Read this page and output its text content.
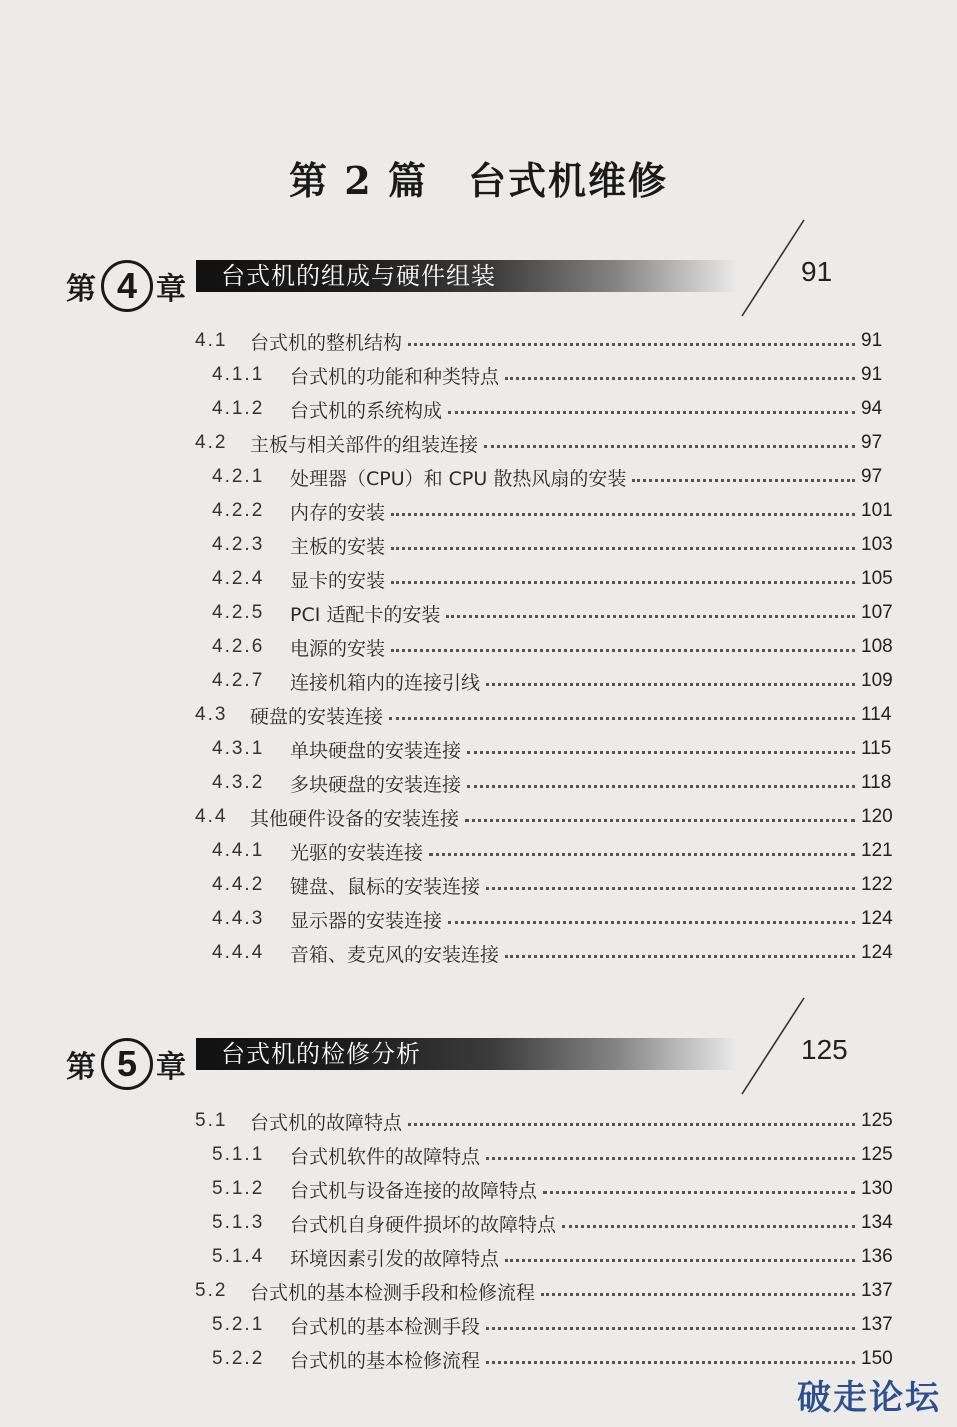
第 2 篇　台式机维修
第 4 章 台式机的组成与硬件组装	91
4.1 台式机的整机结构	91
4.1.1 台式机的功能和种类特点	91
4.1.2 台式机的系统构成	94
4.2 主板与相关部件的组装连接	97
4.2.1 处理器（CPU）和 CPU 散热风扇的安装	97
4.2.2 内存的安装	101
4.2.3 主板的安装	103
4.2.4 显卡的安装	105
4.2.5 PCI 适配卡的安装	107
4.2.6 电源的安装	108
4.2.7 连接机箱内的连接引线	109
4.3 硬盘的安装连接	114
4.3.1 单块硬盘的安装连接	115
4.3.2 多块硬盘的安装连接	118
4.4 其他硬件设备的安装连接	120
4.4.1 光驱的安装连接	121
4.4.2 键盘、鼠标的安装连接	122
4.4.3 显示器的安装连接	124
4.4.4 音箱、麦克风的安装连接	124
第 5 章 台式机的检修分析	125
5.1 台式机的故障特点	125
5.1.1 台式机软件的故障特点	125
5.1.2 台式机与设备连接的故障特点	130
5.1.3 台式机自身硬件损坏的故障特点	134
5.1.4 环境因素引发的故障特点	136
5.2 台式机的基本检测手段和检修流程	137
5.2.1 台式机的基本检测手段	137
5.2.2 台式机的基本检修流程	150
破走论坛
